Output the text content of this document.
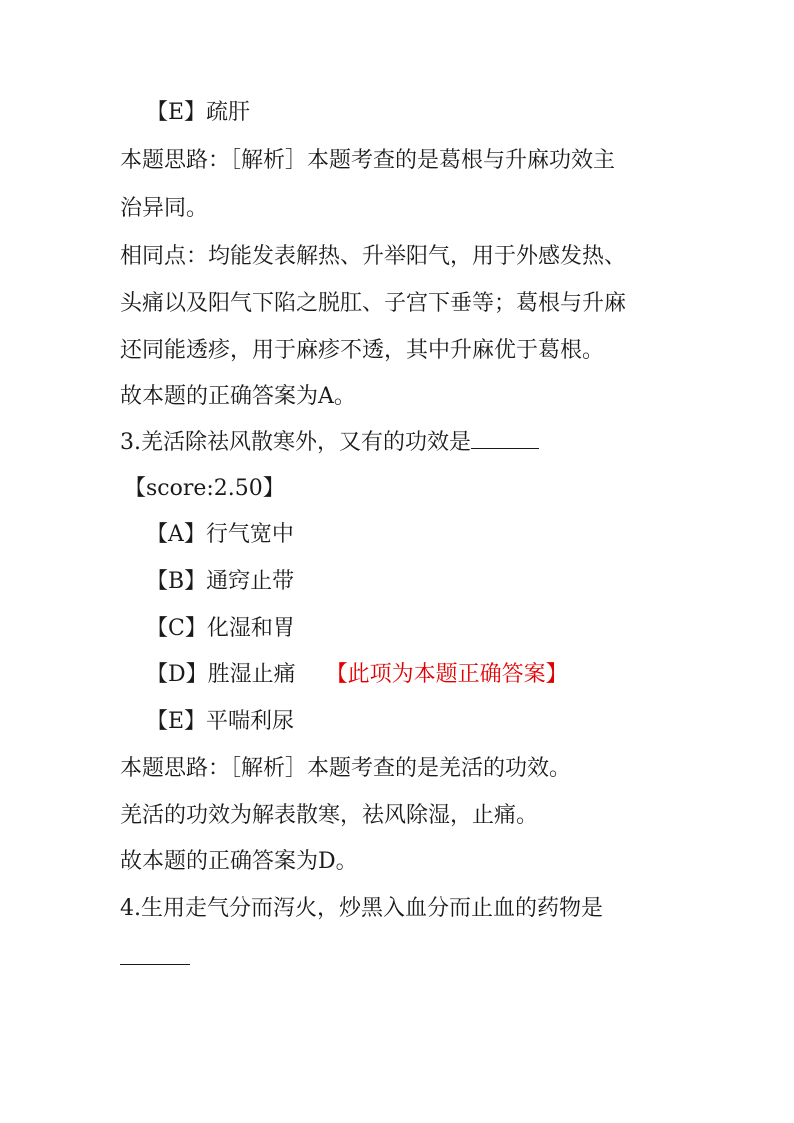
【E】疏肝
本题思路：［解析］本题考查的是葛根与升麻功效主
治异同。
相同点：均能发表解热、升举阳气，用于外感发热、
头痛以及阳气下陷之脱肛、子宫下垂等；葛根与升麻
还同能透疹，用于麻疹不透，其中升麻优于葛根。
故本题的正确答案为A。
3.羌活除祛风散寒外，又有的功效是
【score:2.50】
【A】行气宽中
【B】通窍止带
【C】化湿和胃
【D】胜湿止痛 【此项为本题正确答案】
【E】平喘利尿
本题思路：［解析］本题考查的是羌活的功效。
羌活的功效为解表散寒，祛风除湿，止痛。
故本题的正确答案为D。
4.生用走气分而泻火，炒黑入血分而止血的药物是
